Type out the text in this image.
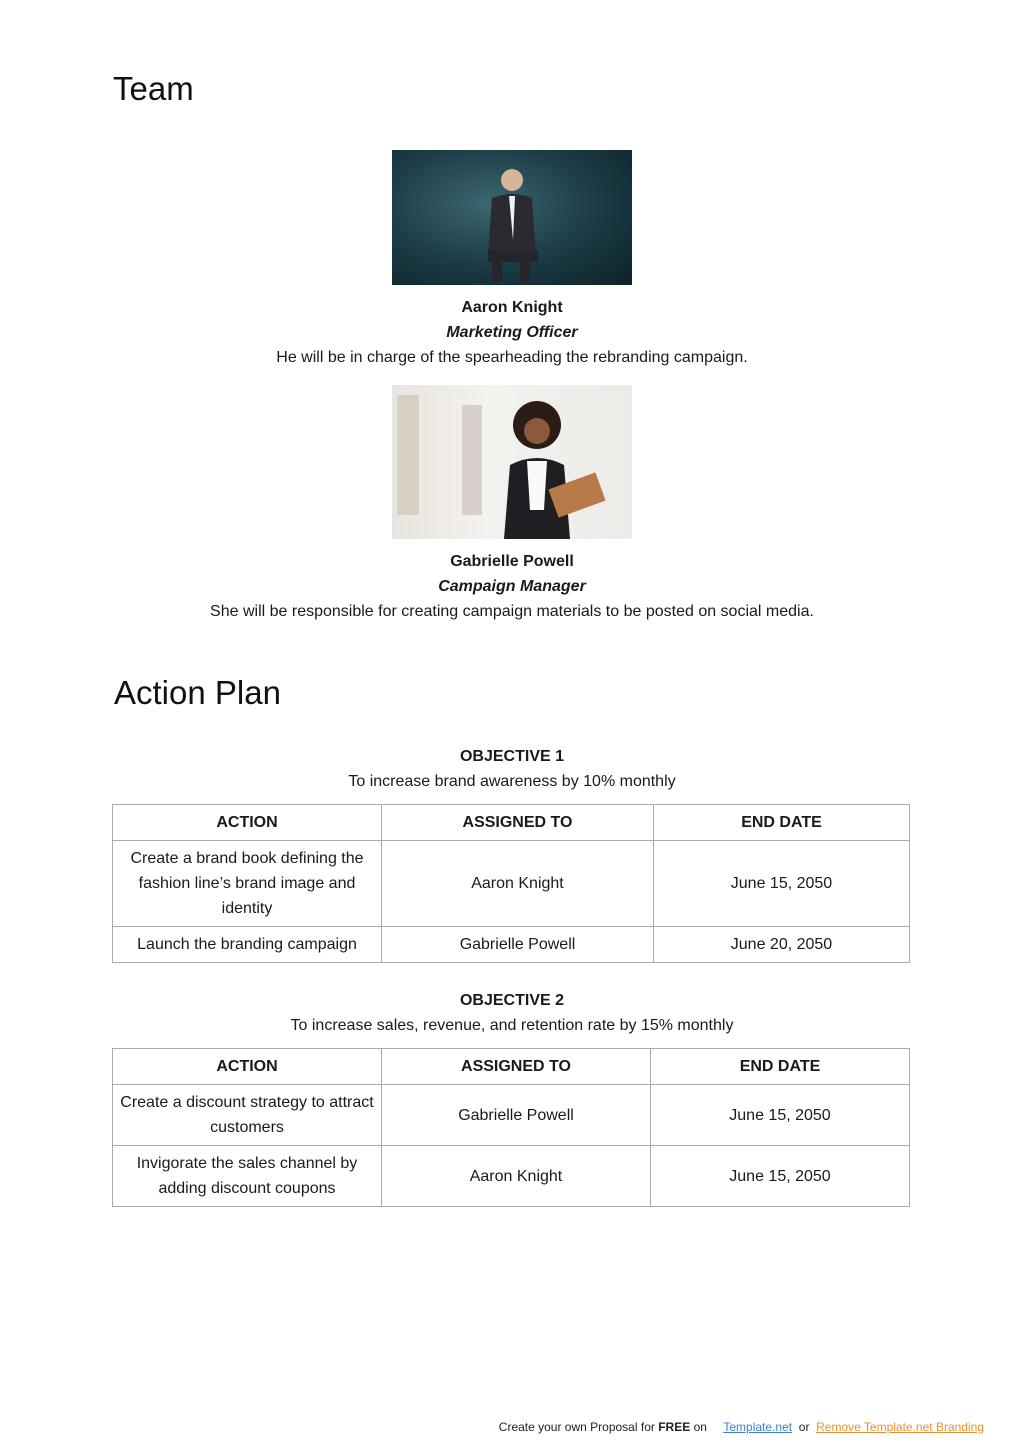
Team
Aaron Knight
Marketing Officer
He will be in charge of the spearheading the rebranding campaign.
Gabrielle Powell
Campaign Manager
She will be responsible for creating campaign materials to be posted on social media.
Action Plan
OBJECTIVE 1
To increase brand awareness by 10% monthly
ACTION	ASSIGNED TO	END DATE
Create a brand book defining the fashion line’s brand image and identity	Aaron Knight	June 15, 2050
Launch the branding campaign	Gabrielle Powell	June 20, 2050
OBJECTIVE 2
To increase sales, revenue, and retention rate by 15% monthly
ACTION	ASSIGNED TO	END DATE
Create a discount strategy to attract customers	Gabrielle Powell	June 15, 2050
Invigorate the sales channel by adding discount coupons	Aaron Knight	June 15, 2050
Create your own Proposal for FREE on Template.net or Remove Template.net Branding
